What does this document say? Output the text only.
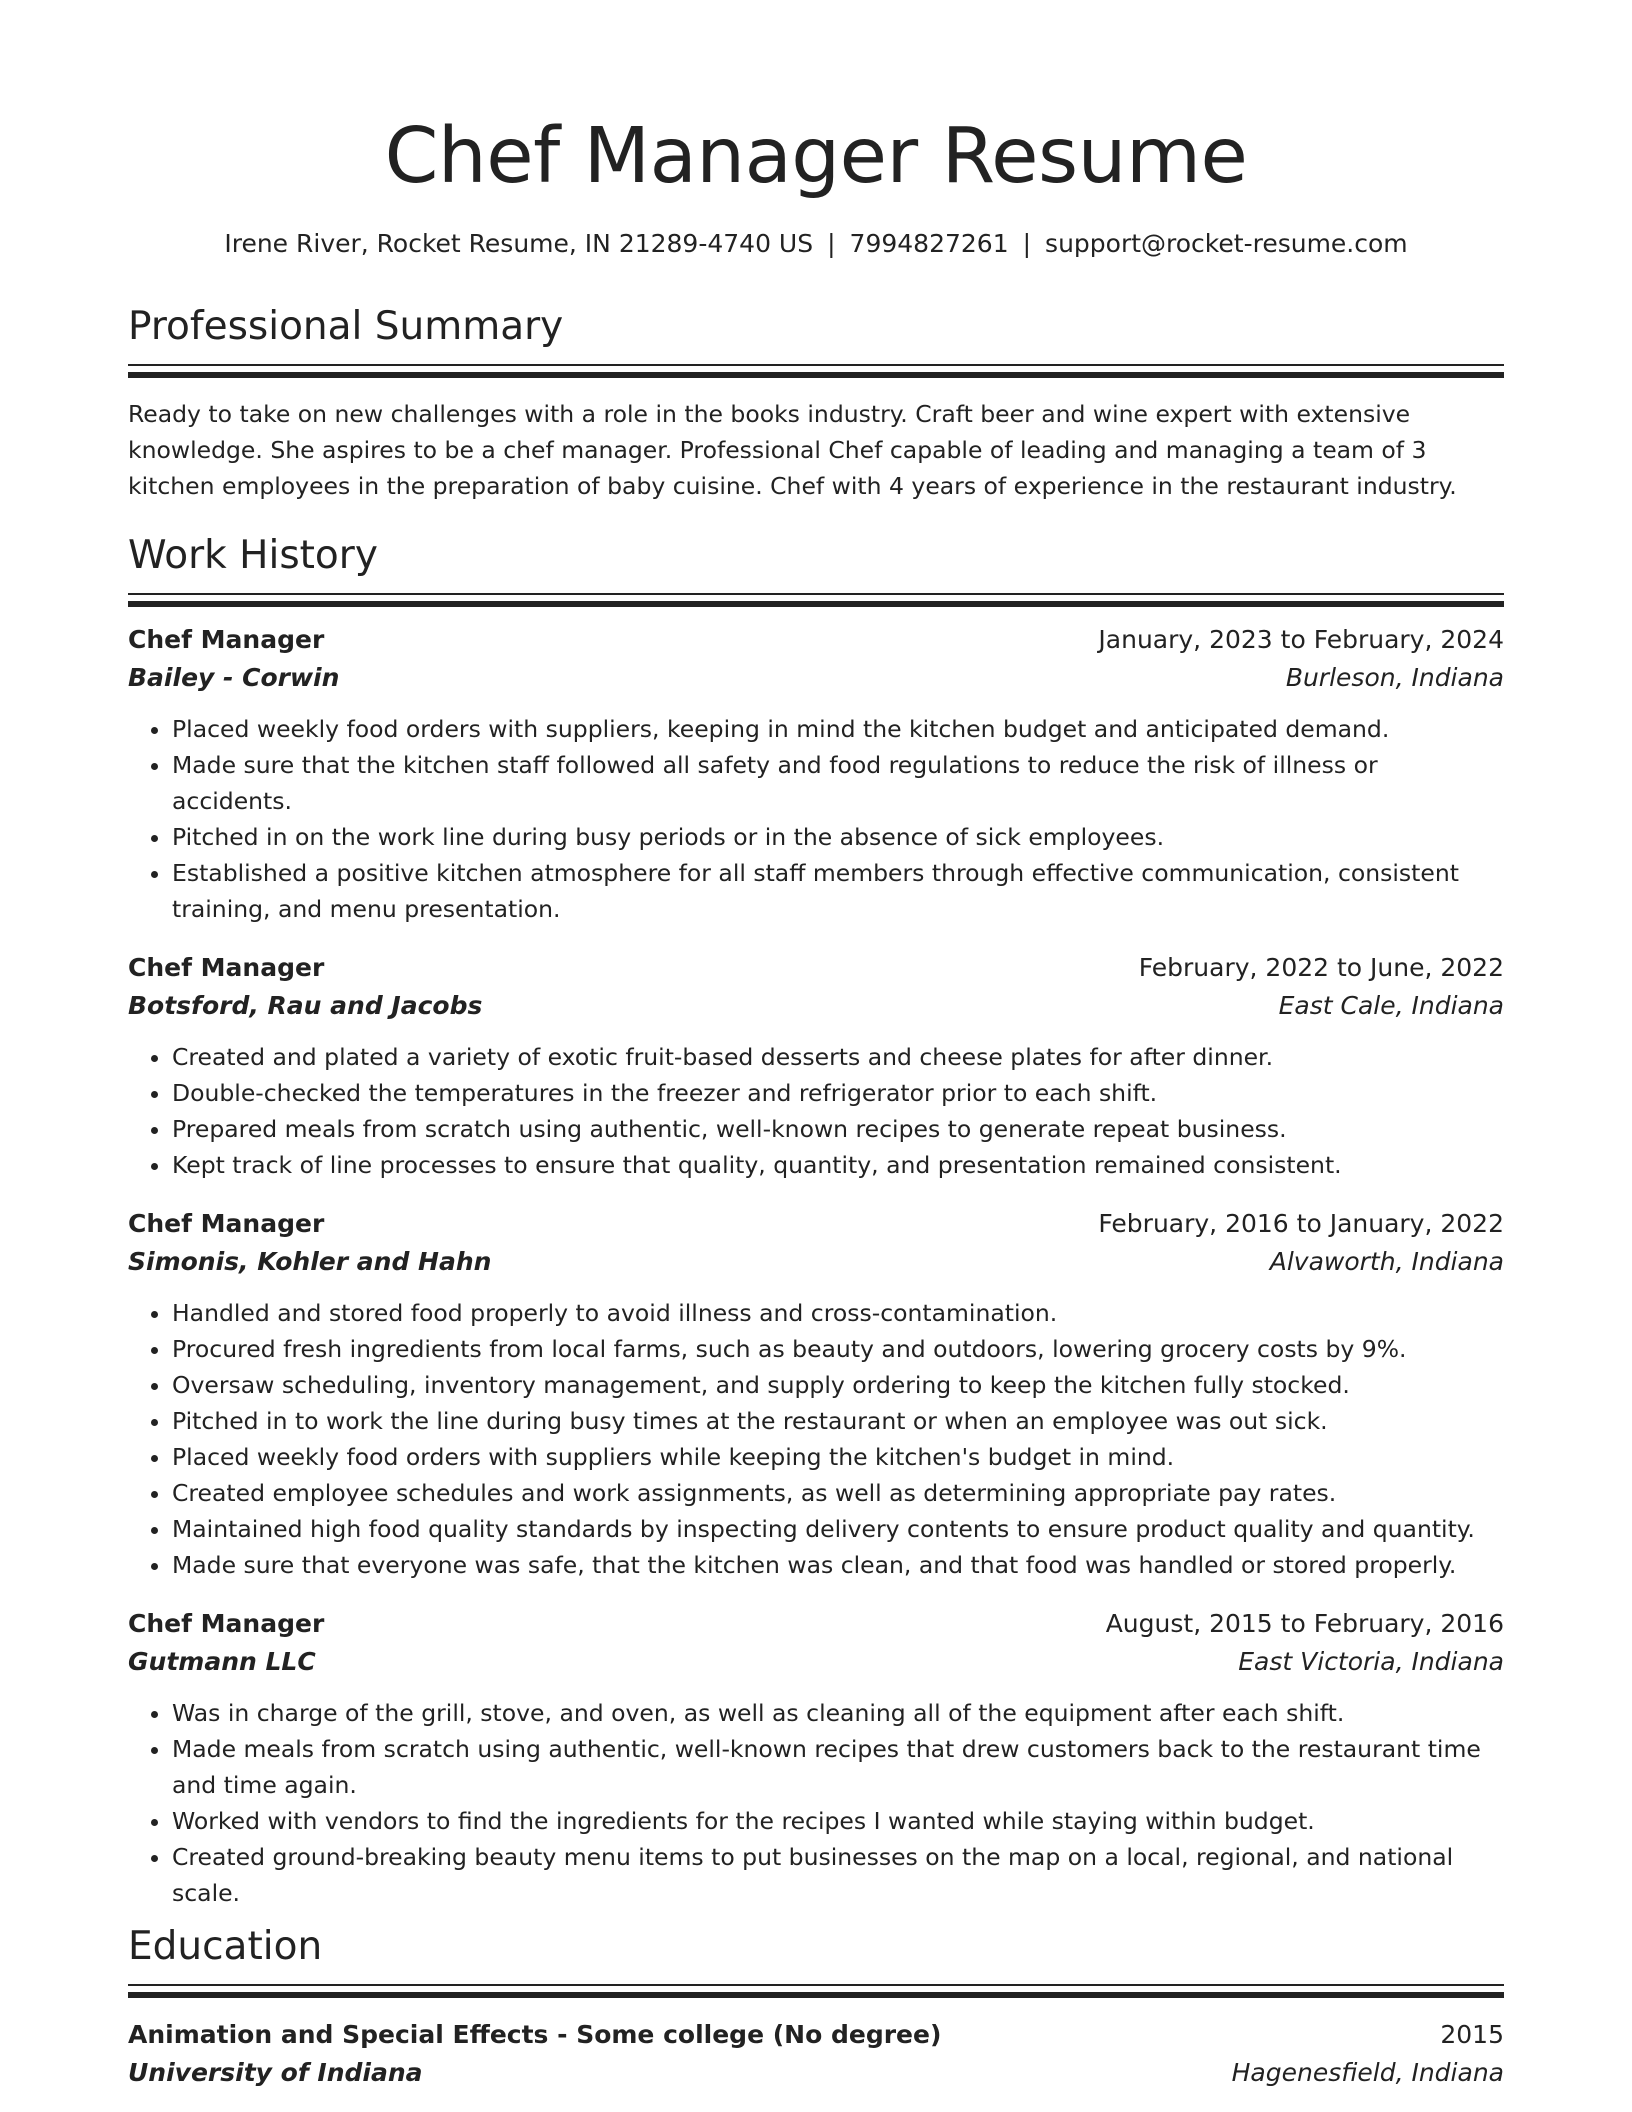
Chef Manager Resume
Irene River, Rocket Resume, IN 21289-4740 US | 7994827261 | support@rocket-resume.com
Professional Summary

Ready to take on new challenges with a role in the books industry. Craft beer and wine expert with extensive knowledge. She aspires to be a chef manager. Professional Chef capable of leading and managing a team of 3 kitchen employees in the preparation of baby cuisine. Chef with 4 years of experience in the restaurant industry.

Work History
Chef Manager	January, 2023 to February, 2024
Bailey - Corwin	Burleson, Indiana
• Placed weekly food orders with suppliers, keeping in mind the kitchen budget and anticipated demand.
• Made sure that the kitchen staff followed all safety and food regulations to reduce the risk of illness or accidents.
• Pitched in on the work line during busy periods or in the absence of sick employees.
• Established a positive kitchen atmosphere for all staff members through effective communication, consistent training, and menu presentation.
Chef Manager	February, 2022 to June, 2022
Botsford, Rau and Jacobs	East Cale, Indiana
• Created and plated a variety of exotic fruit-based desserts and cheese plates for after dinner.
• Double-checked the temperatures in the freezer and refrigerator prior to each shift.
• Prepared meals from scratch using authentic, well-known recipes to generate repeat business.
• Kept track of line processes to ensure that quality, quantity, and presentation remained consistent.
Chef Manager	February, 2016 to January, 2022
Simonis, Kohler and Hahn	Alvaworth, Indiana
• Handled and stored food properly to avoid illness and cross-contamination.
• Procured fresh ingredients from local farms, such as beauty and outdoors, lowering grocery costs by 9%.
• Oversaw scheduling, inventory management, and supply ordering to keep the kitchen fully stocked.
• Pitched in to work the line during busy times at the restaurant or when an employee was out sick.
• Placed weekly food orders with suppliers while keeping the kitchen's budget in mind.
• Created employee schedules and work assignments, as well as determining appropriate pay rates.
• Maintained high food quality standards by inspecting delivery contents to ensure product quality and quantity.
• Made sure that everyone was safe, that the kitchen was clean, and that food was handled or stored properly.
Chef Manager	August, 2015 to February, 2016
Gutmann LLC	East Victoria, Indiana
• Was in charge of the grill, stove, and oven, as well as cleaning all of the equipment after each shift.
• Made meals from scratch using authentic, well-known recipes that drew customers back to the restaurant time and time again.
• Worked with vendors to find the ingredients for the recipes I wanted while staying within budget.
• Created ground-breaking beauty menu items to put businesses on the map on a local, regional, and national scale.
Education
Animation and Special Effects - Some college (No degree)	2015
University of Indiana	Hagenesfield, Indiana
